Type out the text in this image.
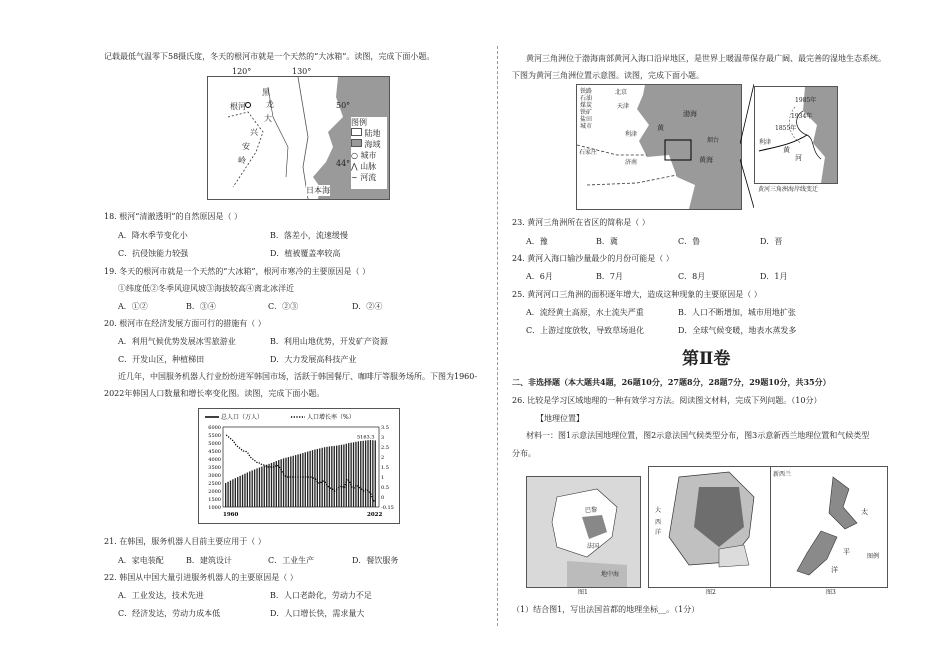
记载最低气温零下58摄氏度，冬天的根河市就是一个天然的“大冰箱”。读图，完成下面小题。
黑
龙
根河
大
兴
安
岭
日本海
图例
陆地
海域
○ 城市
⋀ 山脉
∼ 河流
120°	130°
50°
44°
18. 根河“清澈透明”的自然原因是（ ）
A．降水季节变化小	B．落差小，流速缓慢
C．抗侵蚀能力较强	D．植被覆盖率较高
19. 冬天的根河市就是一个天然的“大冰箱”，根河市寒冷的主要原因是（ ）
①纬度低②冬季风迎风坡③海拔较高④离北冰洋近
A．①②	B．③④	C．②③	D．②④
20. 根河市在经济发展方面可行的措施有（ ）
A．利用气候优势发展冰雪旅游业	B．利用山地优势，开发矿产资源
C．开发山区，种植梯田	D．大力发展高科技产业
近几年，中国服务机器人行业纷纷进军韩国市场，活跃于韩国餐厅、咖啡厅等服务场所。下图为1960-
2022年韩国人口数量和增长率变化图。读图，完成下面小题。
总人口（万人）	人口增长率（%）
6000
5500
5000
4500
4000
3500
3000
2500
2000
1500
1000
3.5
3
2.5
2
1.5
1
0.5
0
-0.15
1960	2022
5163.3
21. 在韩国，服务机器人目前主要应用于（ ）
A．家电装配	B．建筑设计	C．工业生产	D．餐饮服务
22. 韩国从中国大量引进服务机器人的主要原因是（ ）
A．工业发达，技术先进	B．人口老龄化，劳动力不足
C．经济发达，劳动力成本低	D．人口增长快，需求量大
黄河三角洲位于渤海南部黄河入海口沿岸地区，是世界上暖温带保存最广阔、最完善的湿地生态系统。
下图为黄河三角洲位置示意图。读图，完成下面小题。
铁路
石油
煤炭
铁矿
盐田
城市
北京
天津
渤海
黄
利津
石家庄
济南	黄海
烟台
1985年
1934年
1855年
利津
黄
河
黄河三角洲海岸线变迁
23. 黄河三角洲所在省区的简称是（ ）
A．豫	B．冀	C．鲁	D．晋
24. 黄河入海口输沙量最少的月份可能是（ ）
A．6月	B．7月	C．8月	D．1月
25. 黄河河口三角洲的面积逐年增大，造成这种现象的主要原因是（ ）
A．流经黄土高原，水土流失严重	B．人口不断增加，城市用地扩张
C．上游过度放牧，导致草场退化	D．全球气候变暖，地表水蒸发多
第Ⅱ卷
二、非选择题（本大题共4题，26题10分，27题8分，28题7分，29题10分，共35分）
26. 比较是学习区域地理的一种有效学习方法。阅读图文材料，完成下列问题。（10分）
【地理位置】
材料一：图1示意法国地理位置，图2示意法国气候类型分布，图3示意新西兰地理位置和气候类型
分布。
巴黎
法国
地中海
大
西
洋
新西兰
太
平
洋
图例
图1	图2	图3
（1）结合图1，写出法国首都的地理坐标__。（1分）
